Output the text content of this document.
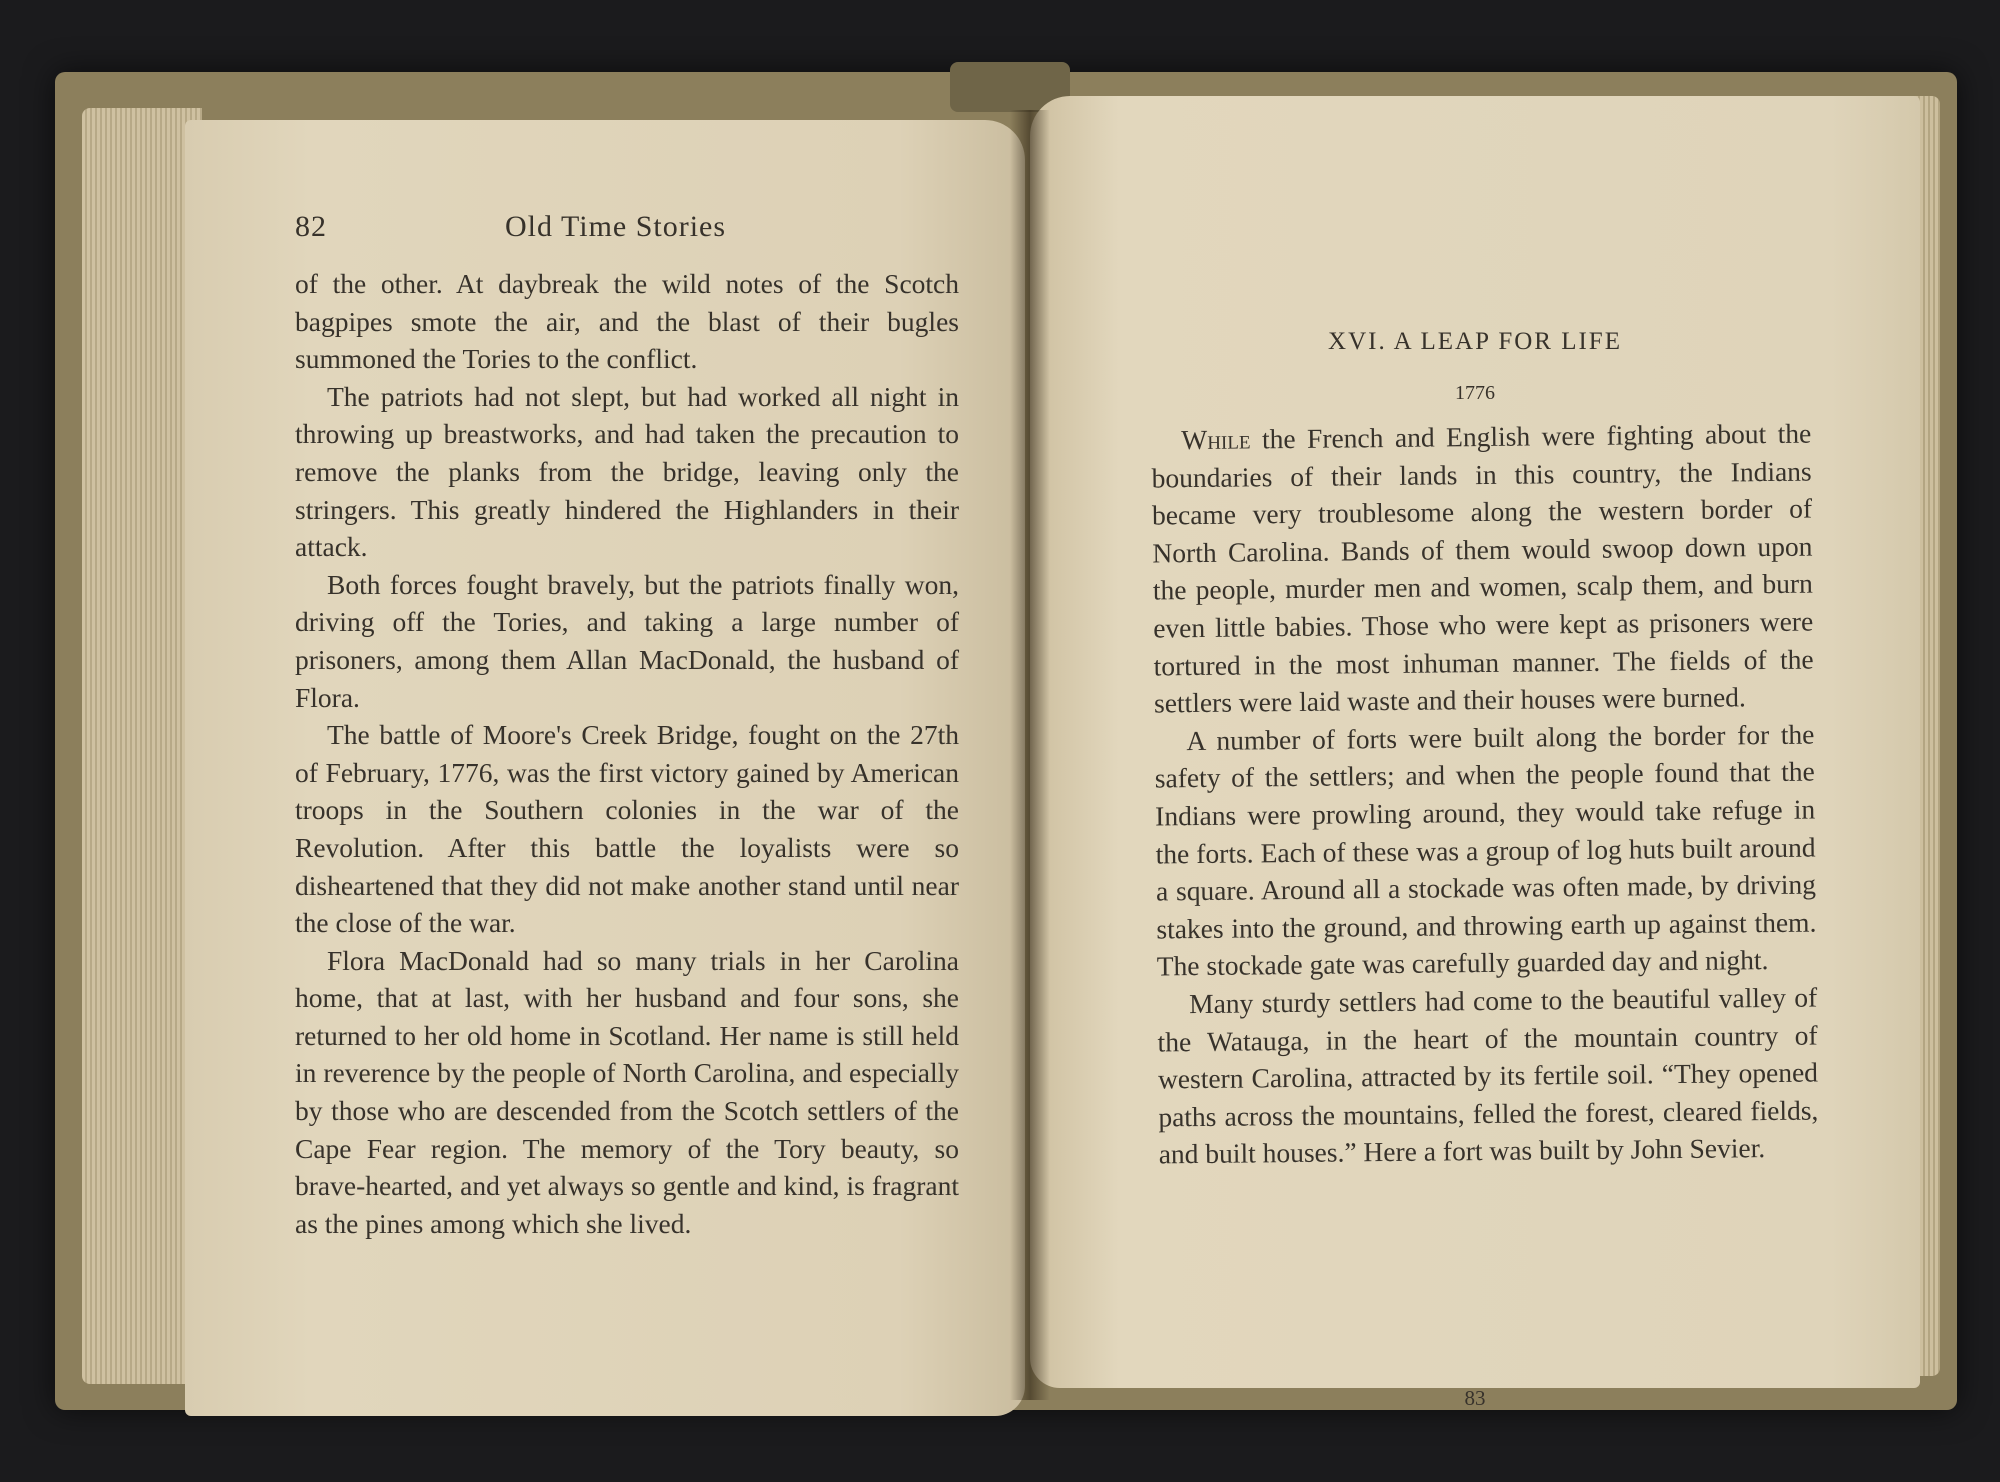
82	Old Time Stories

of the other. At daybreak the wild notes of the Scotch bagpipes smote the air, and the blast of their bugles summoned the Tories to the conflict.

The patriots had not slept, but had worked all night in throwing up breastworks, and had taken the precaution to remove the planks from the bridge, leaving only the stringers. This greatly hindered the Highlanders in their attack.

Both forces fought bravely, but the patriots finally won, driving off the Tories, and taking a large number of prisoners, among them Allan MacDonald, the husband of Flora.

The battle of Moore's Creek Bridge, fought on the 27th of February, 1776, was the first victory gained by American troops in the Southern colonies in the war of the Revolution. After this battle the loyalists were so disheartened that they did not make another stand until near the close of the war.

Flora MacDonald had so many trials in her Carolina home, that at last, with her husband and four sons, she returned to her old home in Scotland. Her name is still held in reverence by the people of North Carolina, and especially by those who are descended from the Scotch settlers of the Cape Fear region. The memory of the Tory beauty, so brave-hearted, and yet always so gentle and kind, is fragrant as the pines among which she lived.

XVI. A LEAP FOR LIFE
1776

While the French and English were fighting about the boundaries of their lands in this country, the Indians became very troublesome along the western border of North Carolina. Bands of them would swoop down upon the people, murder men and women, scalp them, and burn even little babies. Those who were kept as prisoners were tortured in the most inhuman manner. The fields of the settlers were laid waste and their houses were burned.

A number of forts were built along the border for the safety of the settlers; and when the people found that the Indians were prowling around, they would take refuge in the forts. Each of these was a group of log huts built around a square. Around all a stockade was often made, by driving stakes into the ground, and throwing earth up against them. The stockade gate was carefully guarded day and night.

Many sturdy settlers had come to the beautiful valley of the Watauga, in the heart of the mountain country of western Carolina, attracted by its fertile soil. “They opened paths across the mountains, felled the forest, cleared fields, and built houses.” Here a fort was built by John Sevier.

83
